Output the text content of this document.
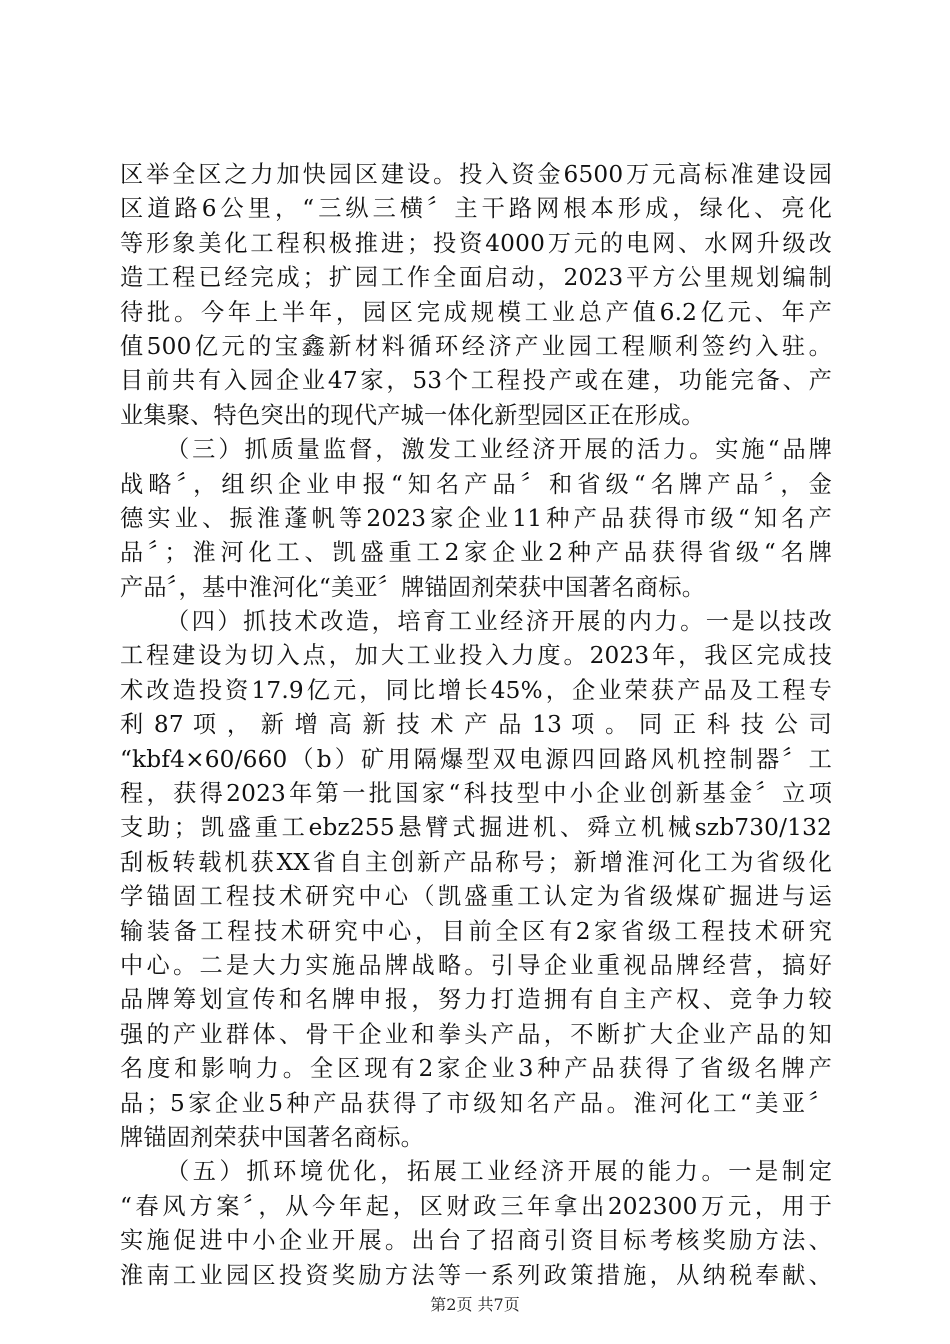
区举全区之力加快园区建设。投入资金6500万元高标准建设园
区道路6公里，“三纵三横〞主干路网根本形成，绿化、亮化
等形象美化工程积极推进；投资4000万元的电网、水网升级改
造工程已经完成；扩园工作全面启动，2023平方公里规划编制
待批。今年上半年，园区完成规模工业总产值6.2亿元、年产
值500亿元的宝鑫新材料循环经济产业园工程顺利签约入驻。
目前共有入园企业47家，53个工程投产或在建，功能完备、产
业集聚、特色突出的现代产城一体化新型园区正在形成。
（三）抓质量监督，激发工业经济开展的活力。实施“品牌
战略〞，组织企业申报“知名产品〞和省级“名牌产品〞，金
德实业、振淮蓬帆等2023家企业11种产品获得市级“知名产
品〞；淮河化工、凯盛重工2家企业2种产品获得省级“名牌
产品〞，基中淮河化“美亚〞牌锚固剂荣获中国著名商标。
（四）抓技术改造，培育工业经济开展的内力。一是以技改
工程建设为切入点，加大工业投入力度。2023年，我区完成技
术改造投资17.9亿元，同比增长45%，企业荣获产品及工程专
利 87 项 ， 新 增 高 新 技 术 产 品 13 项 。 同 正 科 技 公 司
“kbf4×60/660（b）矿用隔爆型双电源四回路风机控制器〞工
程，获得2023年第一批国家“科技型中小企业创新基金〞立项
支助；凯盛重工ebz255悬臂式掘进机、舜立机械szb730/132
刮板转载机获XX省自主创新产品称号；新增淮河化工为省级化
学锚固工程技术研究中心（凯盛重工认定为省级煤矿掘进与运
输装备工程技术研究中心，目前全区有2家省级工程技术研究
中心。二是大力实施品牌战略。引导企业重视品牌经营，搞好
品牌筹划宣传和名牌申报，努力打造拥有自主产权、竞争力较
强的产业群体、骨干企业和拳头产品，不断扩大企业产品的知
名度和影响力。全区现有2家企业3种产品获得了省级名牌产
品；5家企业5种产品获得了市级知名产品。淮河化工“美亚〞
牌锚固剂荣获中国著名商标。
（五）抓环境优化，拓展工业经济开展的能力。一是制定
“春风方案〞，从今年起，区财政三年拿出202300万元，用于
实施促进中小企业开展。出台了招商引资目标考核奖励方法、
淮南工业园区投资奖励方法等一系列政策措施，从纳税奉献、
第2页 共7页
